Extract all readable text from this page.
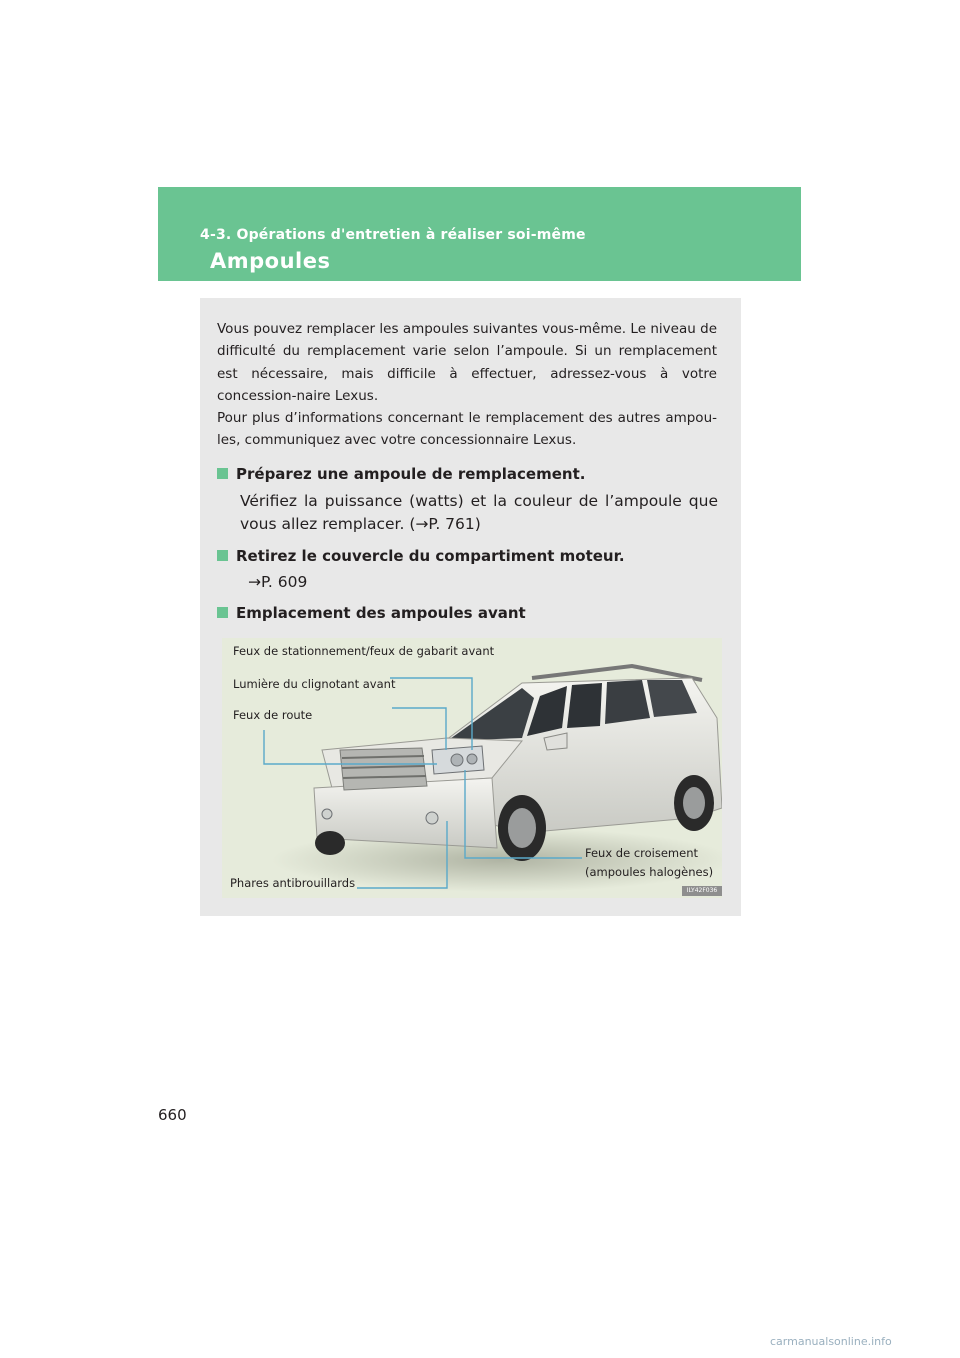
4-3. Opérations d'entretien à réaliser soi-même
Ampoules

Vous pouvez remplacer les ampoules suivantes vous-même. Le niveau de difficulté du remplacement varie selon l’ampoule. Si un remplacement est nécessaire, mais difficile à effectuer, adressez-vous à votre concession-naire Lexus.

Pour plus d’informations concernant le remplacement des autres ampou-les, communiquez avec votre concessionnaire Lexus.

Préparez une ampoule de remplacement.
Vérifiez la puissance (watts) et la couleur de l’ampoule que vous allez remplacer. (→P. 761)
Retirez le couvercle du compartiment moteur.
→P. 609
Emplacement des ampoules avant
Feux de stationnement/feux de gabarit avant
Lumière du clignotant avant
Feux de route
Feux de croisement
(ampoules halogènes)
Phares antibrouillards
ILY42F036
660
carmanualsonline.info
